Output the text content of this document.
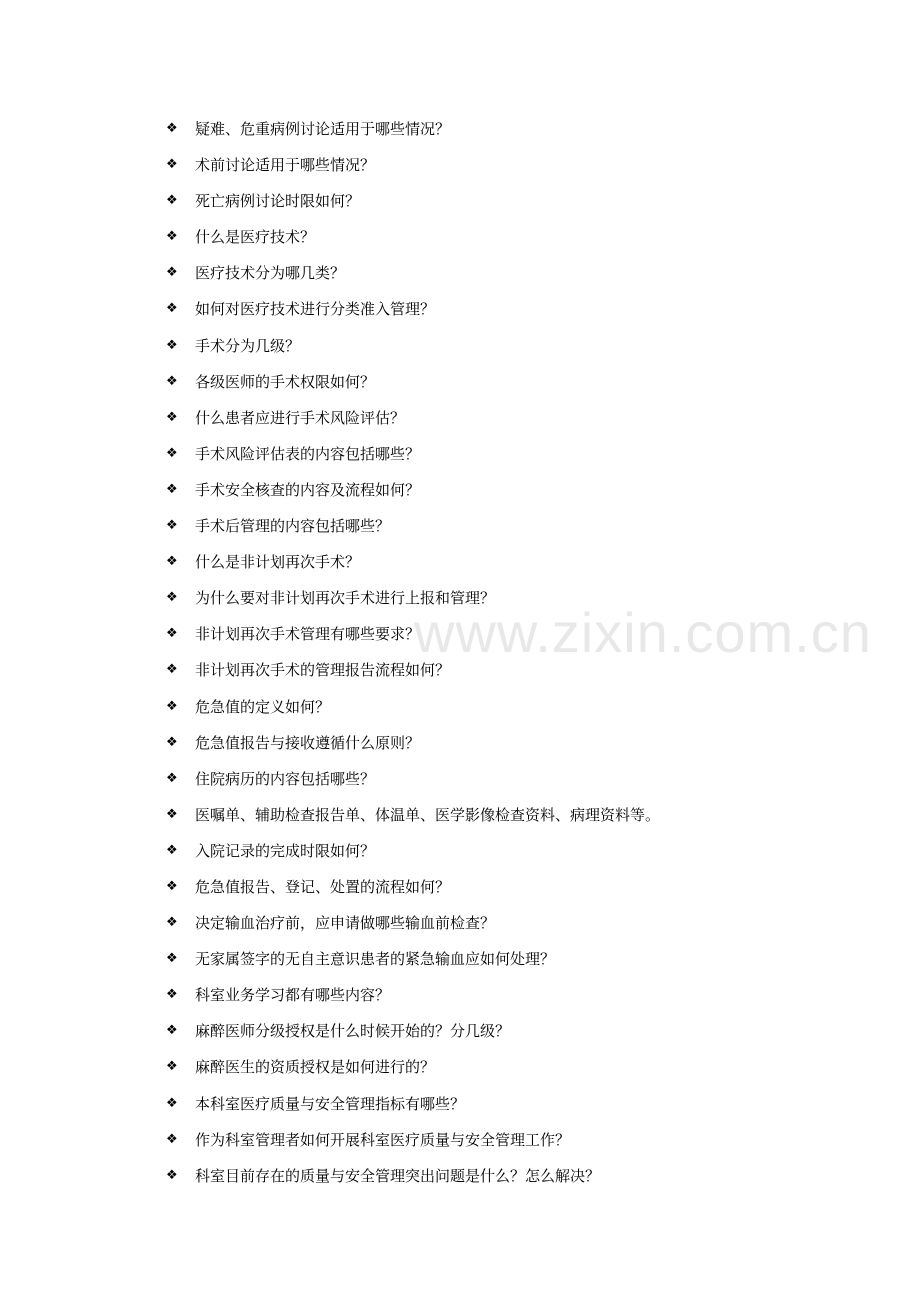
www.zixin.com.cn
❖	疑难、危重病例讨论适用于哪些情况？
❖	术前讨论适用于哪些情况？
❖	死亡病例讨论时限如何？
❖	什么是医疗技术？
❖	医疗技术分为哪几类？
❖	如何对医疗技术进行分类准入管理？
❖	手术分为几级？
❖	各级医师的手术权限如何？
❖	什么患者应进行手术风险评估？
❖	手术风险评估表的内容包括哪些？
❖	手术安全核查的内容及流程如何？
❖	手术后管理的内容包括哪些？
❖	什么是非计划再次手术？
❖	为什么要对非计划再次手术进行上报和管理？
❖	非计划再次手术管理有哪些要求？
❖	非计划再次手术的管理报告流程如何？
❖	危急值的定义如何？
❖	危急值报告与接收遵循什么原则？
❖	住院病历的内容包括哪些？
❖	医嘱单、辅助检查报告单、体温单、医学影像检查资料、病理资料等。
❖	入院记录的完成时限如何？
❖	危急值报告、登记、处置的流程如何？
❖	决定输血治疗前，应申请做哪些输血前检查？
❖	无家属签字的无自主意识患者的紧急输血应如何处理？
❖	科室业务学习都有哪些内容？
❖	麻醉医师分级授权是什么时候开始的？分几级？
❖	麻醉医生的资质授权是如何进行的？
❖	本科室医疗质量与安全管理指标有哪些？
❖	作为科室管理者如何开展科室医疗质量与安全管理工作？
❖	科室目前存在的质量与安全管理突出问题是什么？怎么解决？
